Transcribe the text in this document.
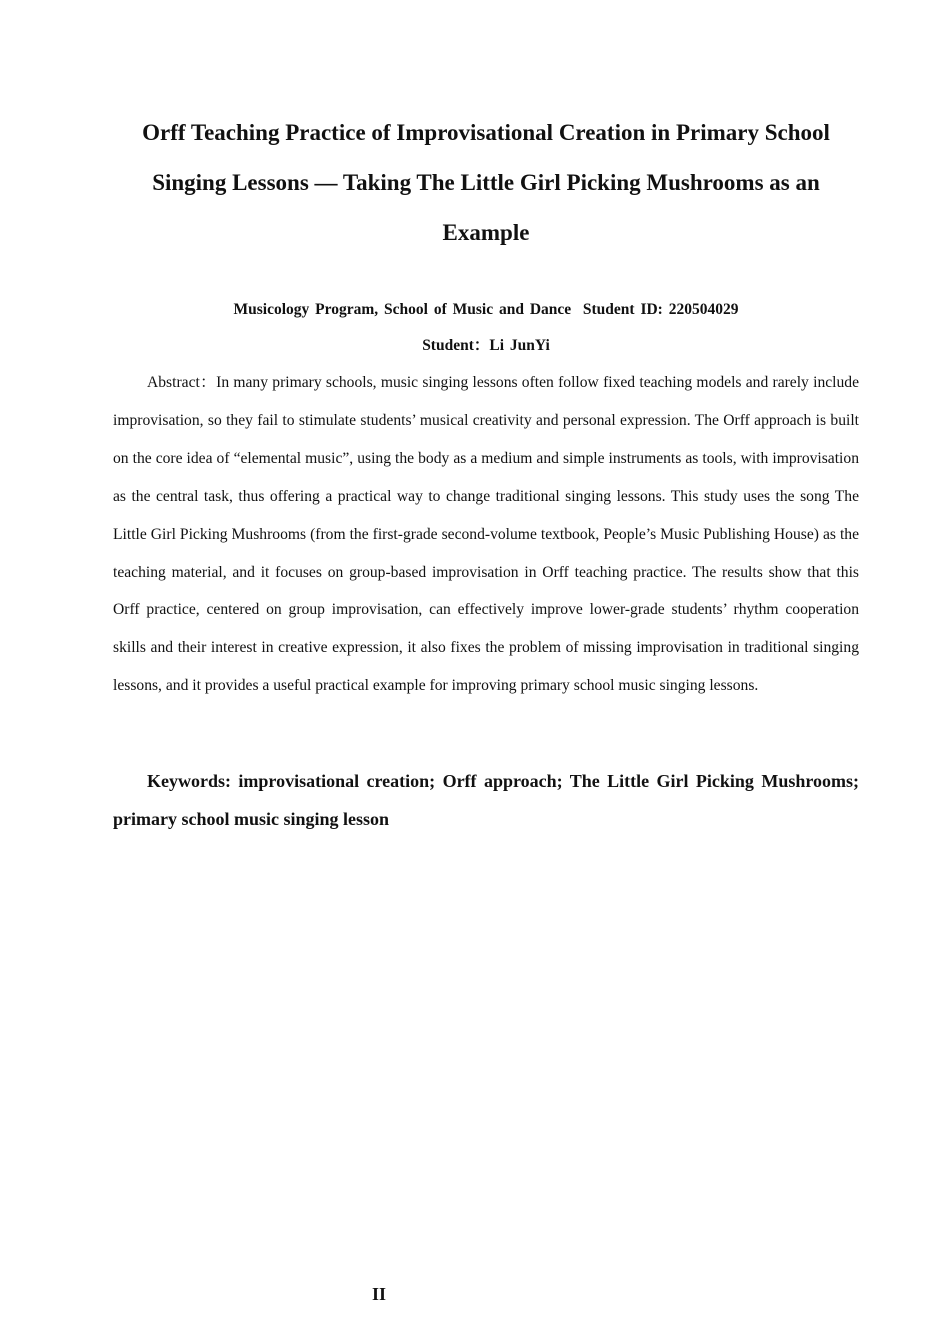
Orff Teaching Practice of Improvisational Creation in Primary School Singing Lessons — Taking The Little Girl Picking Mushrooms as an Example
Musicology Program, School of Music and Dance  Student ID: 220504029
Student：Li JunYi

Abstract：In many primary schools, music singing lessons often follow fixed teaching models and rarely include improvisation, so they fail to stimulate students’ musical creativity and personal expression. The Orff approach is built on the core idea of “elemental music”, using the body as a medium and simple instruments as tools, with improvisation as the central task, thus offering a practical way to change traditional singing lessons. This study uses the song The Little Girl Picking Mushrooms (from the first-grade second-volume textbook, People’s Music Publishing House) as the teaching material, and it focuses on group-based improvisation in Orff teaching practice. The results show that this Orff practice, centered on group improvisation, can effectively improve lower-grade students’ rhythm cooperation skills and their interest in creative expression, it also fixes the problem of missing improvisation in traditional singing lessons, and it provides a useful practical example for improving primary school music singing lessons.

Keywords: improvisational creation; Orff approach; The Little Girl Picking Mushrooms; primary school music singing lesson

II
